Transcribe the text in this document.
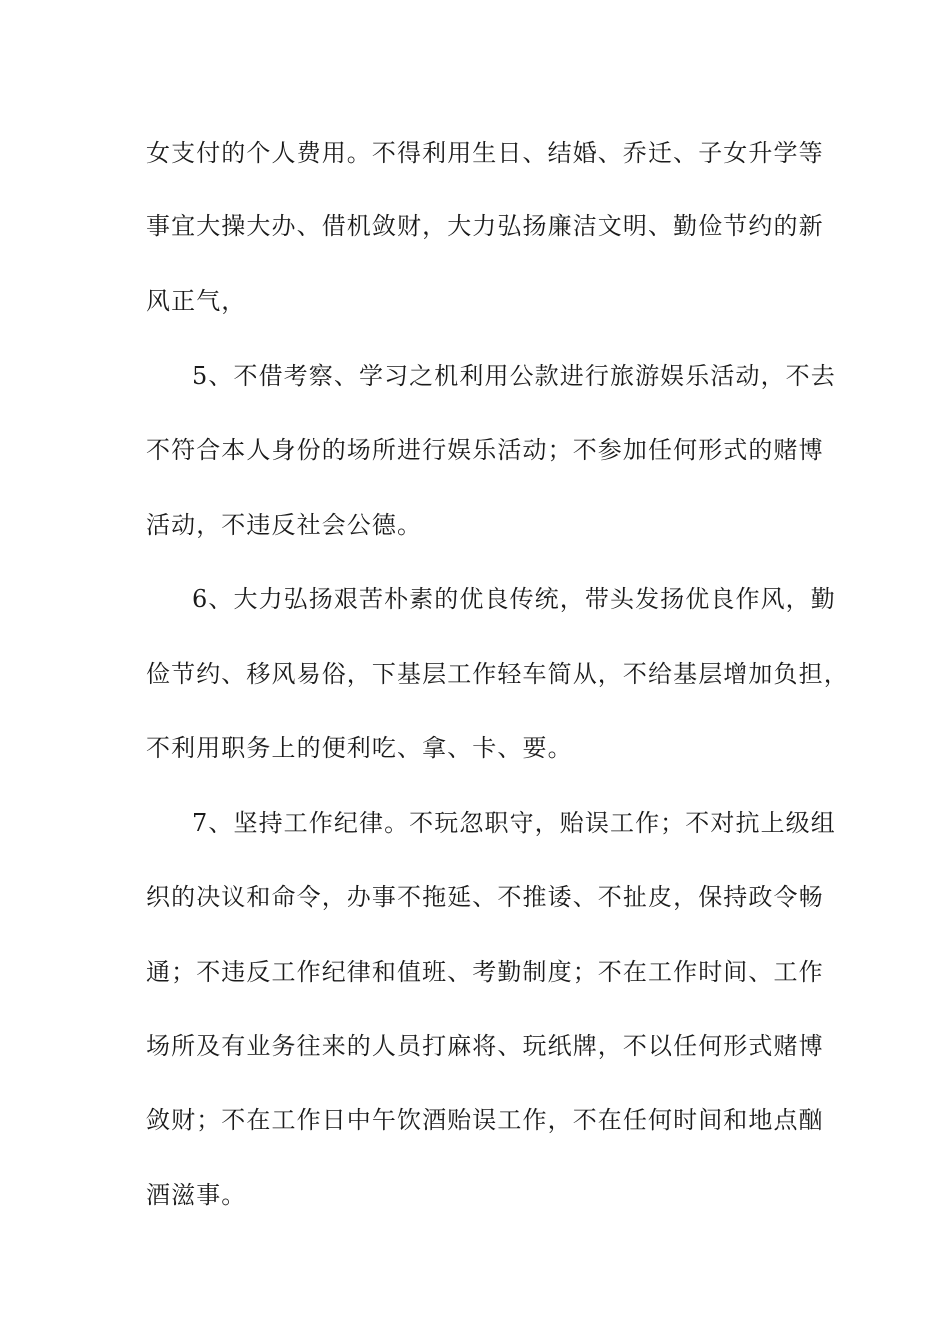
女支付的个人费用。不得利用生日、结婚、乔迁、子女升学等
事宜大操大办、借机敛财，大力弘扬廉洁文明、勤俭节约的新
风正气，
5、不借考察、学习之机利用公款进行旅游娱乐活动，不去
不符合本人身份的场所进行娱乐活动；不参加任何形式的赌博
活动，不违反社会公德。
6、大力弘扬艰苦朴素的优良传统，带头发扬优良作风，勤
俭节约、移风易俗，下基层工作轻车简从，不给基层增加负担，
不利用职务上的便利吃、拿、卡、要。
7、坚持工作纪律。不玩忽职守，贻误工作；不对抗上级组
织的决议和命令，办事不拖延、不推诿、不扯皮，保持政令畅
通；不违反工作纪律和值班、考勤制度；不在工作时间、工作
场所及有业务往来的人员打麻将、玩纸牌，不以任何形式赌博
敛财；不在工作日中午饮酒贻误工作，不在任何时间和地点酗
酒滋事。
